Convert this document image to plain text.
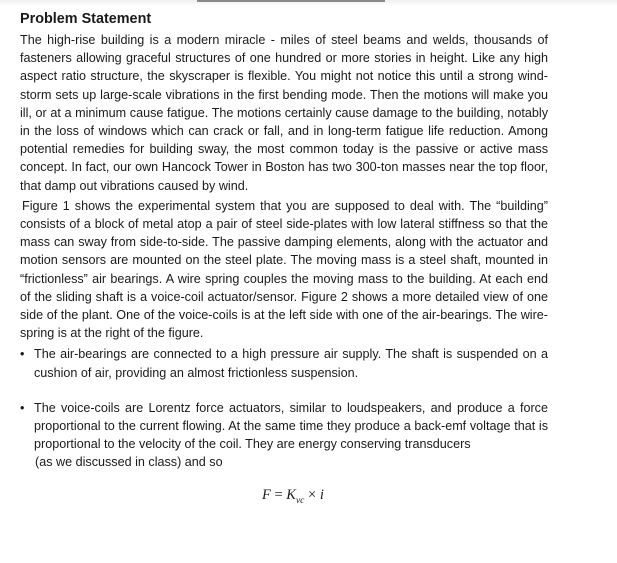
Problem Statement

The high-rise building is a modern miracle - miles of steel beams and welds, thousands of fasteners allowing graceful structures of one hundred or more stories in height. Like any high aspect ratio structure, the skyscraper is flexible. You might not notice this until a strong wind-storm sets up large-scale vibrations in the first bending mode. Then the motions will make you ill, or at a minimum cause fatigue. The motions certainly cause damage to the building, notably in the loss of windows which can crack or fall, and in long-term fatigue life reduction. Among potential remedies for building sway, the most common today is the passive or active mass concept. In fact, our own Hancock Tower in Boston has two 300-ton masses near the top floor, that damp out vibrations caused by wind.

Figure 1 shows the experimental system that you are supposed to deal with. The “building” consists of a block of metal atop a pair of steel side-plates with low lateral stiffness so that the mass can sway from side-to-side. The passive damping elements, along with the actuator and motion sensors are mounted on the steel plate. The moving mass is a steel shaft, mounted in “frictionless” air bearings. A wire spring couples the moving mass to the building. At each end of the sliding shaft is a voice-coil actuator/sensor. Figure 2 shows a more detailed view of one side of the plant. One of the voice-coils is at the left side with one of the air-bearings. The wire-spring is at the right of the figure.

• The air-bearings are connected to a high pressure air supply. The shaft is suspended on a cushion of air, providing an almost frictionless suspension.
• The voice-coils are Lorentz force actuators, similar to loudspeakers, and produce a force proportional to the current flowing. At the same time they produce a back-emf voltage that is proportional to the velocity of the coil. They are energy conserving transducers
(as we discussed in class) and so
$F = K_{vc} \times i$
